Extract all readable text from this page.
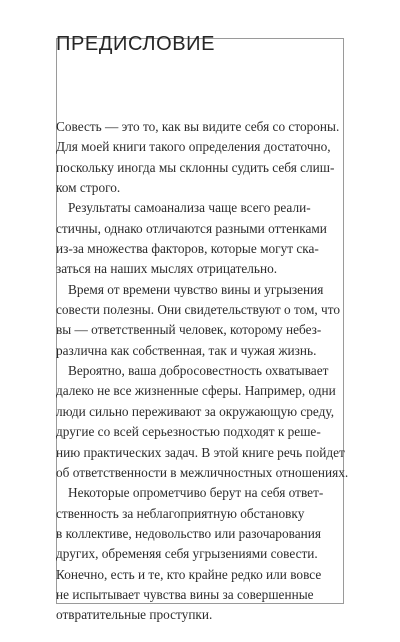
ПРЕДИСЛОВИЕ
Совесть — это то, как вы видите себя со стороны.
Для моей книги такого определения достаточно,
поскольку иногда мы склонны судить себя слиш-
ком строго.
Результаты самоанализа чаще всего реали-
стичны, однако отличаются разными оттенками
из-за множества факторов, которые могут ска-
заться на наших мыслях отрицательно.
Время от времени чувство вины и угрызения
совести полезны. Они свидетельствуют о том, что
вы — ответственный человек, которому небез-
различна как собственная, так и чужая жизнь.
Вероятно, ваша добросовестность охватывает
далеко не все жизненные сферы. Например, одни
люди сильно переживают за окружающую среду,
другие со всей серьезностью подходят к реше-
нию практических задач. В этой книге речь пойдет
об ответственности в межличностных отношениях.
Некоторые опрометчиво берут на себя ответ-
ственность за неблагоприятную обстановку
в коллективе, недовольство или разочарования
других, обременяя себя угрызениями совести.
Конечно, есть и те, кто крайне редко или вовсе
не испытывает чувства вины за совершенные
отвратительные проступки.
